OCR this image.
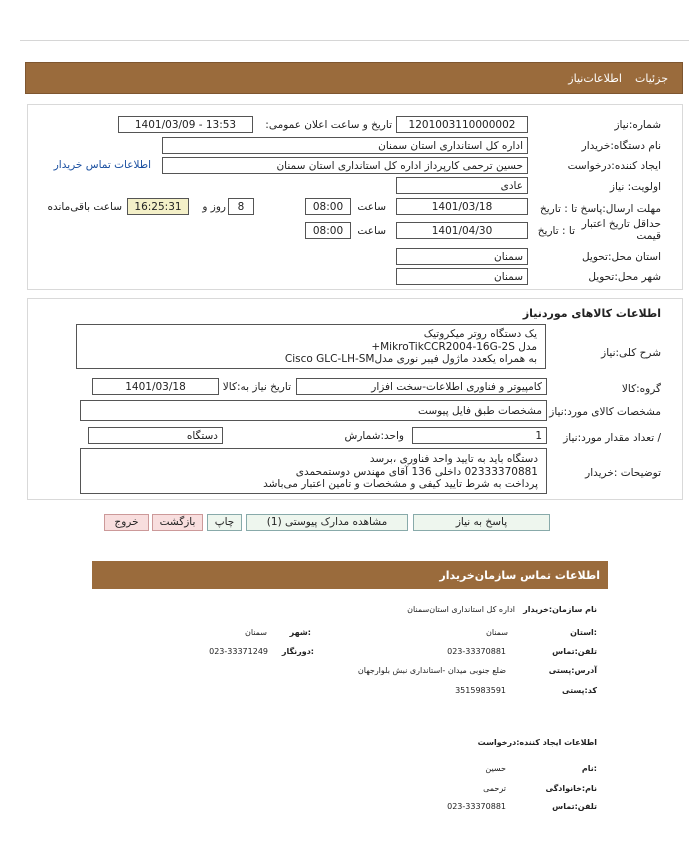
جزئیات
اطلاعات‌نیاز
شماره:نیاز
1201003110000002
تاریخ و ساعت اعلان عمومی:
1401/03/09 - 13:53
نام دستگاه:خریدار
اداره کل استانداری استان سمنان
ایجاد کننده:درخواست
حسین ترحمی کارپرداز اداره کل استانداری استان سمنان
اطلاعات تماس خریدار
اولویت: نیاز
عادی
مهلت ارسال:پاسخ تا : تاریخ
1401/03/18
ساعت
08:00
8
روز و
16:25:31
ساعت باقی‌مانده
حداقل تاریخ اعتبار
قیمت
تا : تاریخ
1401/04/30
ساعت
08:00
استان محل:تحویل
سمنان
شهر محل:تحویل
سمنان
اطلاعات کالاهای موردنیاز
شرح کلی:نیاز
یک دستگاه روتر میکروتیک
مدل MikroTikCCR2004-16G-2S+
به همراه یکعدد ماژول فیبر نوری مدلCisco GLC-LH-SM
گروه:کالا
کامپیوتر و فناوری اطلاعات-سخت افزار
تاریخ نیاز به:کالا
1401/03/18
مشخصات کالای مورد:نیاز
مشخصات طبق فایل پیوست
/ تعداد مقدار مورد:نیاز
1
واحد:شمارش
دستگاه
توضیحات :خریدار
دستگاه باید به تایید واحد فناوری ،برسد
02333370881 داخلی 136 آقای مهندس دوستمحمدی
پرداخت به شرط تایید کیفی و مشخصات و تامین اعتبار می‌باشد
پاسخ به نیاز
مشاهده مدارک پیوستی (1)
چاپ
بازگشت
خروج
اطلاعات تماس سازمان‌خریدار
نام سازمان:خریدار
اداره کل استانداری استان‌سمنان
:استان
سمنان
:شهر
سمنان
تلفن:تماس
023-33370881
:دورنگار
023-33371249
آدرس:پستی
ضلع جنوبی میدان -استانداری نبش بلوارجهان
کد:پستی
3515983591
اطلاعات ایجاد کننده:درخواست
:نام
حسین
نام:خانوادگی
ترحمی
تلفن:تماس
023-33370881
